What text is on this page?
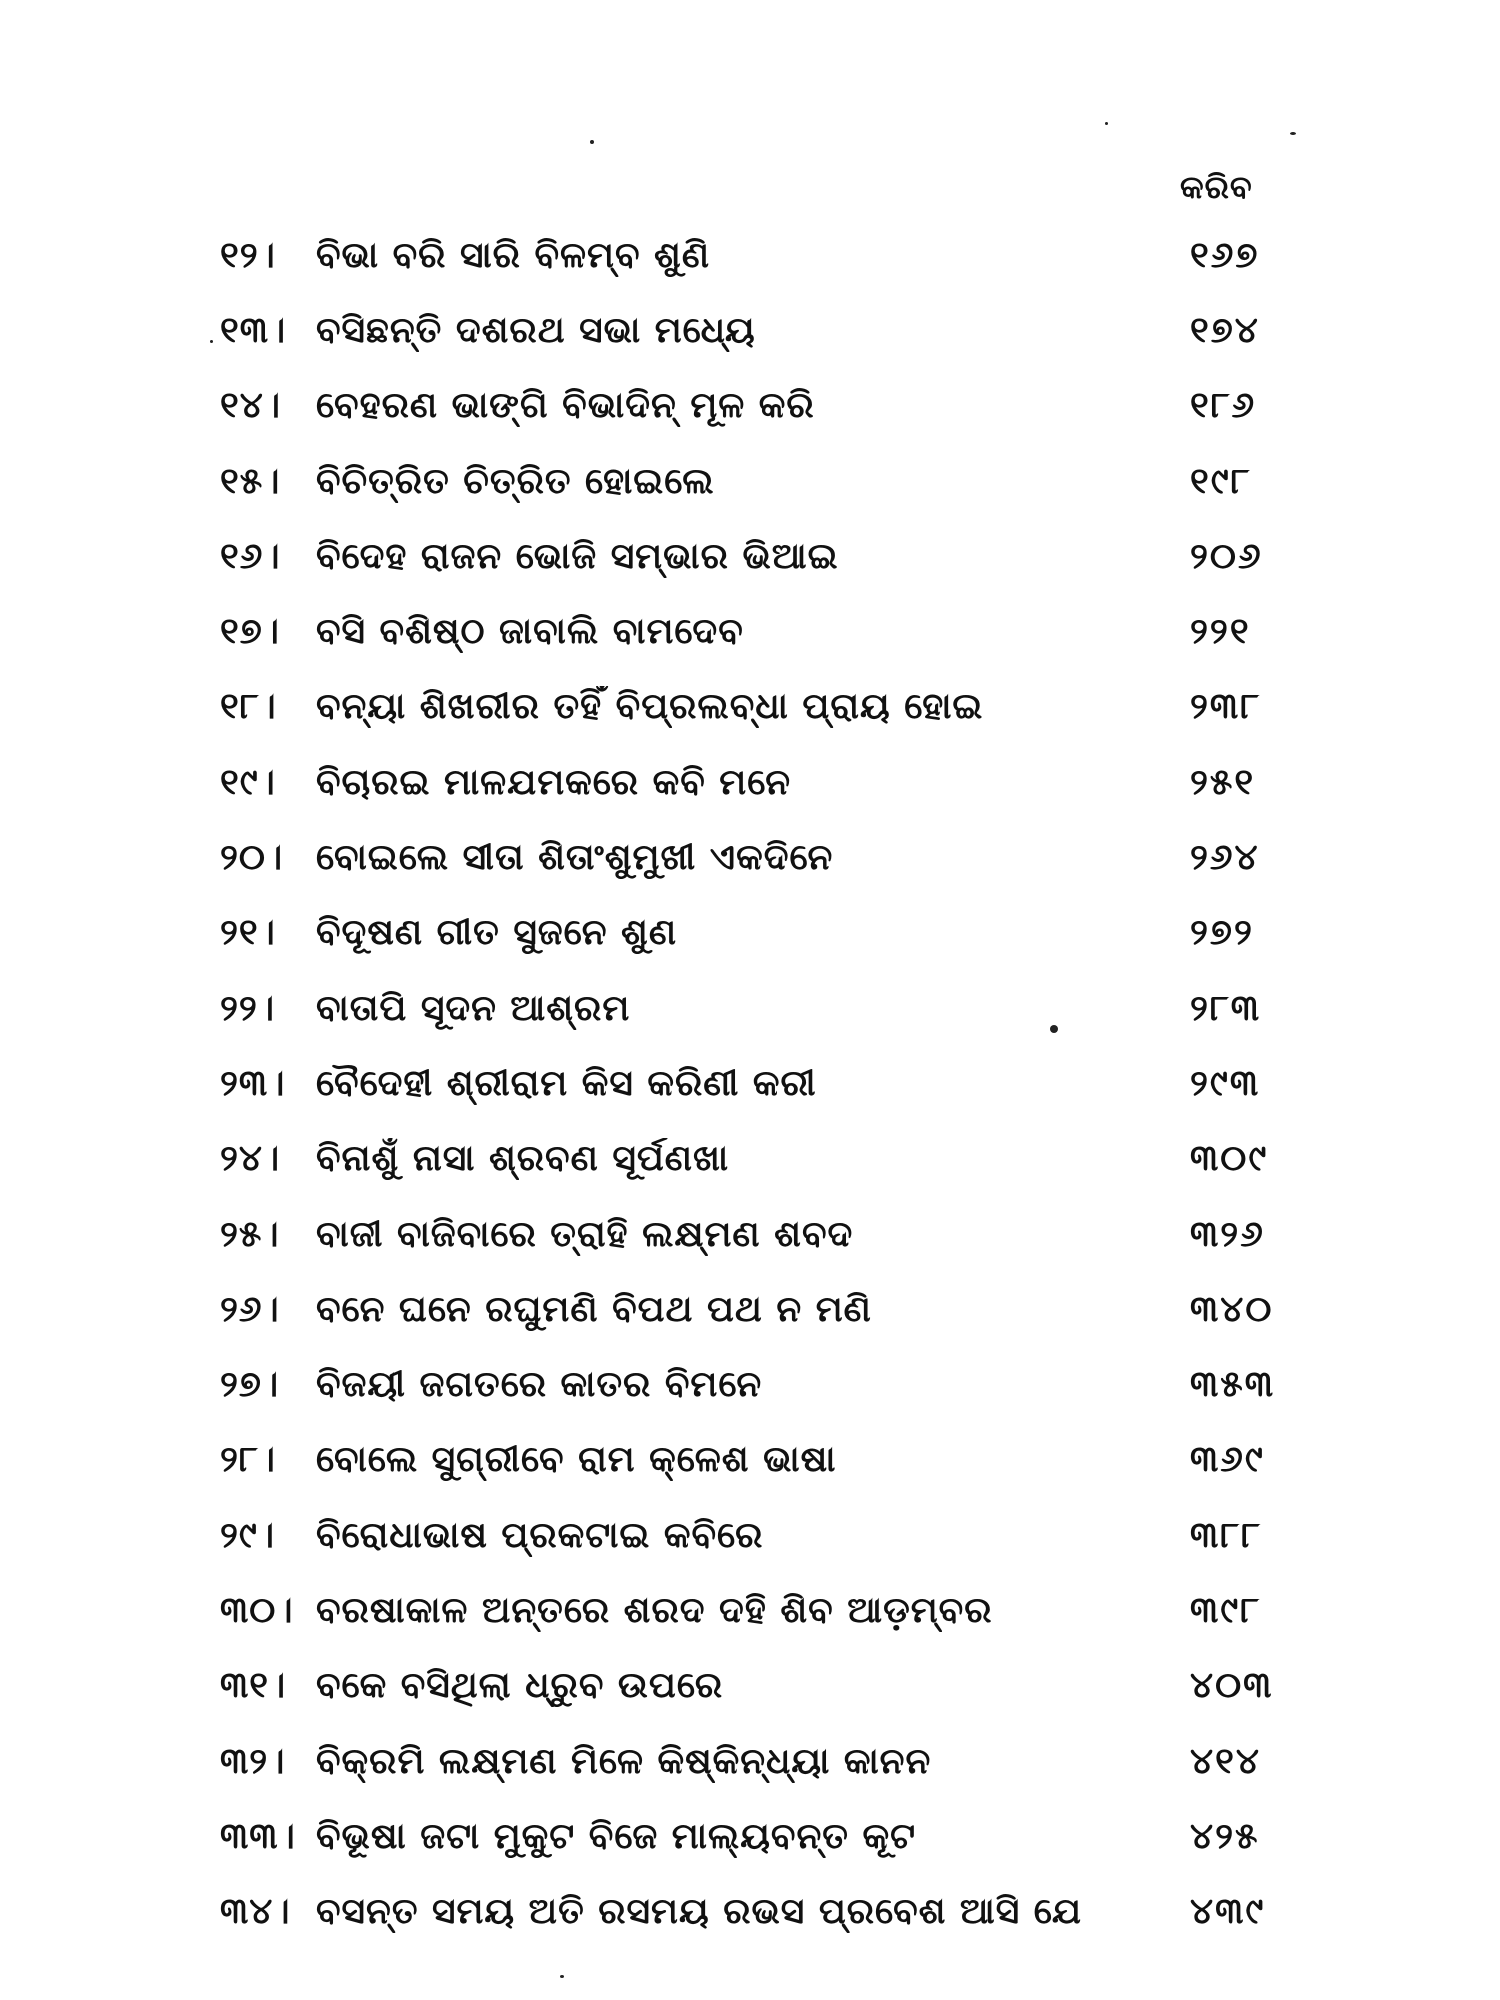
କରିବ
୧୨।	ବିଭା ବରି ସାରି ବିଳମ୍ବ ଶୁଣି	୧୬୭
୧୩। ବସିଛନ୍ତି ଦଶରଥ ସଭା ମଧ୍ୟେ	୧୭୪
୧୪। ବେହରଣ ଭାଙ୍ଗି ବିଭାଦିନ୍ ମୂଳ କରି	୧୮୬
୧୫। ବିଚିତ୍ରିତ ଚିତ୍ରିତ ହୋଇଲେ	୧୯୮
୧୬। ବିଦେହ ରାଜନ ଭୋଜି ସମ୍ଭାର ଭିଆଇ	୨୦୬
୧୭।	ବସି ବଶିଷ୍ଠ ଜାବାଲି ବାମଦେବ	୨୨୧
୧୮।	ବନ୍ୟା ଶିଖରୀର ତହିଁ ବିପ୍ରଲବ୍ଧା ପ୍ରାୟ ହୋଇ	୨୩୮
୧୯।	ବିଚାରଇ ମାଳଯମକରେ କବି ମନେ	୨୫୧
୨୦। ବୋଇଲେ ସୀତା ଶିତାଂଶୁମୁଖୀ ଏକଦିନେ	୨୬୪
୨୧।	ବିଦୂଷଣ ଗୀତ ସୁଜନେ ଶୁଣ	୨୭୨
୨୨।	ବାତାପି ସୂଦନ ଆଶ୍ରମ	୨୮୩
୨୩। ବୈଦେହୀ ଶ୍ରୀରାମ କିସ କରିଣୀ କରୀ	୨୯୩
୨୪। ବିନାଶୁଁ ନାସା ଶ୍ରବଣ ସୂର୍ପଣଖା	୩୦୯
୨୫।	ବାଜୀ ବାଜିବାରେ ତ୍ରାହି ଲକ୍ଷ୍ମଣ ଶବଦ	୩୨୬
୨୬।	ବନେ ଘନେ ରଘୁମଣି ବିପଥ ପଥ ନ ମଣି	୩୪୦
୨୭।	ବିଜୟୀ ଜଗତରେ କାତର ବିମନେ	୩୫୩
୨୮।	ବୋଲେ ସୁଗ୍ରୀବେ ରାମ କ୍ଳେଶ ଭାଷା	୩୬୯
୨୯।	ବିରୋଧାଭାଷ ପ୍ରକଟାଇ କବିରେ	୩୮୮
୩୦। ବରଷାକାଳ ଅନ୍ତରେ ଶରଦ ଦହି ଶିବ ଆଡ଼ମ୍ବର	୩୯୮
୩୧। ବକେ ବସିଥିଲା ଧ୍ରୁବ ଉପରେ	୪୦୩
୩୨। ବିକ୍ରମି ଲକ୍ଷ୍ମଣ ମିଳେ କିଷ୍କିନ୍ଧ୍ୟା କାନନ	୪୧୪
୩୩। ବିଭୂଷା ଜଟା ମୁକୁଟ ବିଜେ ମାଲ୍ୟବନ୍ତ କୂଟ	୪୨୫
୩୪। ବସନ୍ତ ସମୟ ଅତି ରସମୟ ରଭସ ପ୍ରବେଶ ଆସି ଯେ	୪୩୯
